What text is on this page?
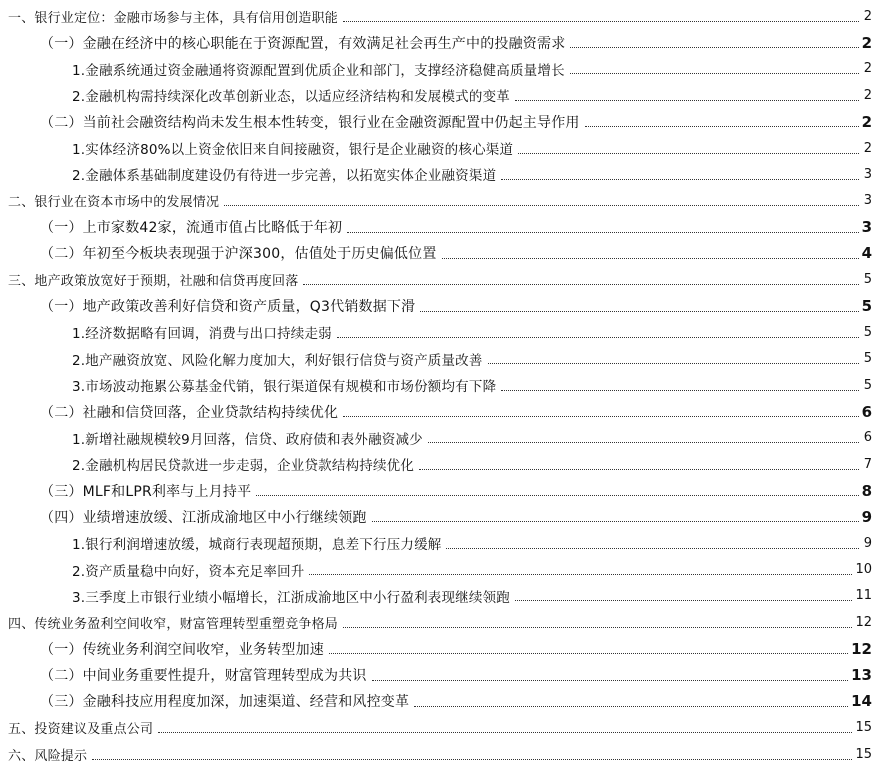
一、银行业定位：金融市场参与主体，具有信用创造职能	2
（一）金融在经济中的核心职能在于资源配置，有效满足社会再生产中的投融资需求	2
1.金融系统通过资金融通将资源配置到优质企业和部门，支撑经济稳健高质量增长	2
2.金融机构需持续深化改革创新业态，以适应经济结构和发展模式的变革	2
（二）当前社会融资结构尚未发生根本性转变，银行业在金融资源配置中仍起主导作用	2
1.实体经济80%以上资金依旧来自间接融资，银行是企业融资的核心渠道	2
2.金融体系基础制度建设仍有待进一步完善，以拓宽实体企业融资渠道	3
二、银行业在资本市场中的发展情况	3
（一）上市家数42家，流通市值占比略低于年初	3
（二）年初至今板块表现强于沪深300，估值处于历史偏低位置	4
三、地产政策放宽好于预期，社融和信贷再度回落	5
（一）地产政策改善利好信贷和资产质量，Q3代销数据下滑	5
1.经济数据略有回调，消费与出口持续走弱	5
2.地产融资放宽、风险化解力度加大，利好银行信贷与资产质量改善	5
3.市场波动拖累公募基金代销，银行渠道保有规模和市场份额均有下降	5
（二）社融和信贷回落，企业贷款结构持续优化	6
1.新增社融规模较9月回落，信贷、政府债和表外融资减少	6
2.金融机构居民贷款进一步走弱，企业贷款结构持续优化	7
（三）MLF和LPR利率与上月持平	8
（四）业绩增速放缓、江浙成渝地区中小行继续领跑	9
1.银行利润增速放缓，城商行表现超预期，息差下行压力缓解	9
2.资产质量稳中向好，资本充足率回升	10
3.三季度上市银行业绩小幅增长，江浙成渝地区中小行盈利表现继续领跑	11
四、传统业务盈利空间收窄，财富管理转型重塑竞争格局	12
（一）传统业务利润空间收窄，业务转型加速	12
（二）中间业务重要性提升，财富管理转型成为共识	13
（三）金融科技应用程度加深，加速渠道、经营和风控变革	14
五、投资建议及重点公司	15
六、风险提示	15
